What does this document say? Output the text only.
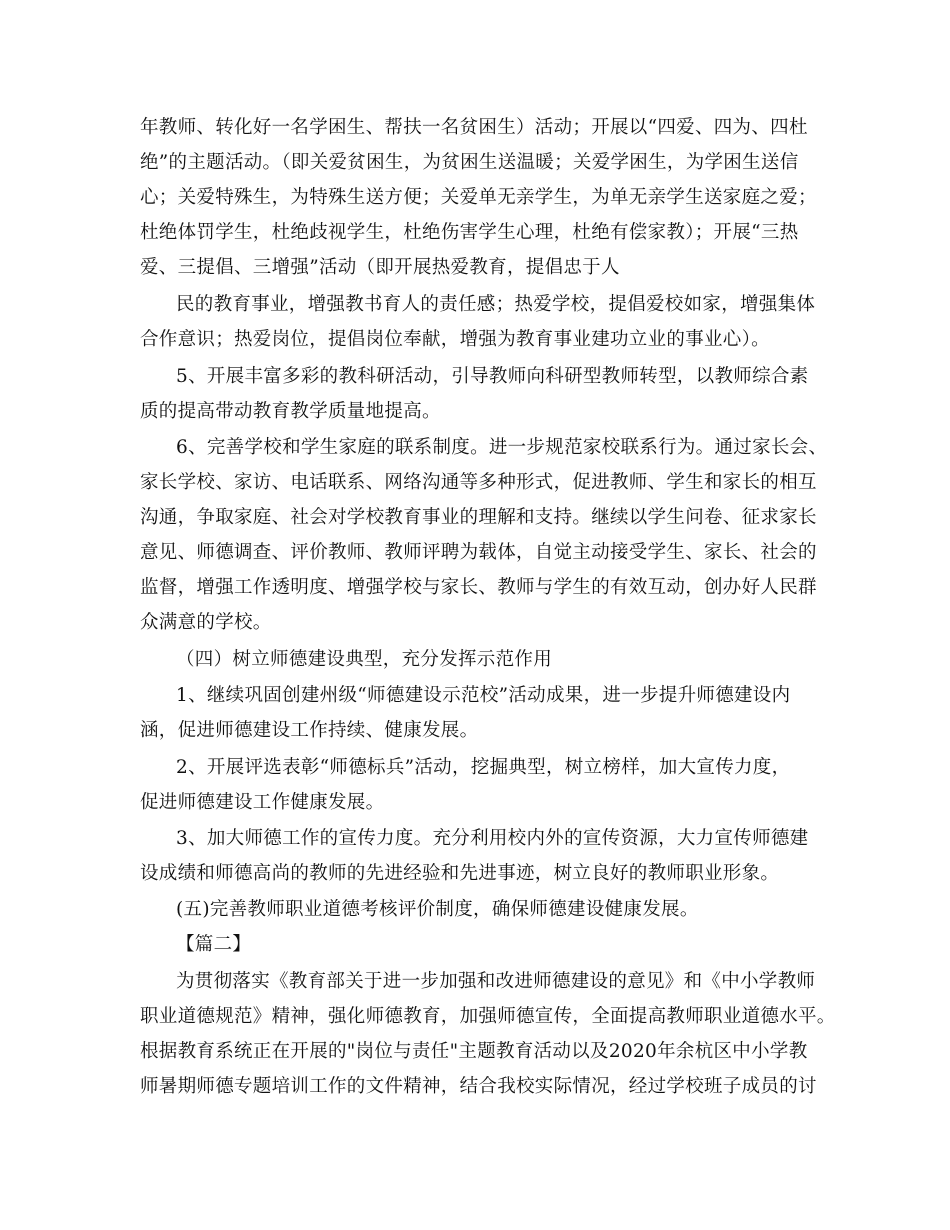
年教师、转化好一名学困生、帮扶一名贫困生）活动；开展以“四爱、四为、四杜
绝”的主题活动。（即关爱贫困生，为贫困生送温暖；关爱学困生，为学困生送信
心；关爱特殊生，为特殊生送方便；关爱单无亲学生，为单无亲学生送家庭之爱；
杜绝体罚学生，杜绝歧视学生，杜绝伤害学生心理，杜绝有偿家教）；开展“三热
爱、三提倡、三增强”活动（即开展热爱教育，提倡忠于人
民的教育事业，增强教书育人的责任感；热爱学校，提倡爱校如家，增强集体
合作意识；热爱岗位，提倡岗位奉献，增强为教育事业建功立业的事业心）。
5、开展丰富多彩的教科研活动，引导教师向科研型教师转型，以教师综合素
质的提高带动教育教学质量地提高。
6、完善学校和学生家庭的联系制度。进一步规范家校联系行为。通过家长会、
家长学校、家访、电话联系、网络沟通等多种形式，促进教师、学生和家长的相互
沟通，争取家庭、社会对学校教育事业的理解和支持。继续以学生问卷、征求家长
意见、师德调查、评价教师、教师评聘为载体，自觉主动接受学生、家长、社会的
监督，增强工作透明度、增强学校与家长、教师与学生的有效互动，创办好人民群
众满意的学校。
（四）树立师德建设典型，充分发挥示范作用
1、继续巩固创建州级“师德建设示范校”活动成果，进一步提升师德建设内
涵，促进师德建设工作持续、健康发展。
2、开展评选表彰“师德标兵”活动，挖掘典型，树立榜样，加大宣传力度，
促进师德建设工作健康发展。
3、加大师德工作的宣传力度。充分利用校内外的宣传资源，大力宣传师德建
设成绩和师德高尚的教师的先进经验和先进事迹，树立良好的教师职业形象。
(五)完善教师职业道德考核评价制度，确保师德建设健康发展。
【篇二】
为贯彻落实《教育部关于进一步加强和改进师德建设的意见》和《中小学教师
职业道德规范》精神，强化师德教育，加强师德宣传，全面提高教师职业道德水平。
根据教育系统正在开展的"岗位与责任"主题教育活动以及2020年余杭区中小学教
师暑期师德专题培训工作的文件精神，结合我校实际情况，经过学校班子成员的讨
